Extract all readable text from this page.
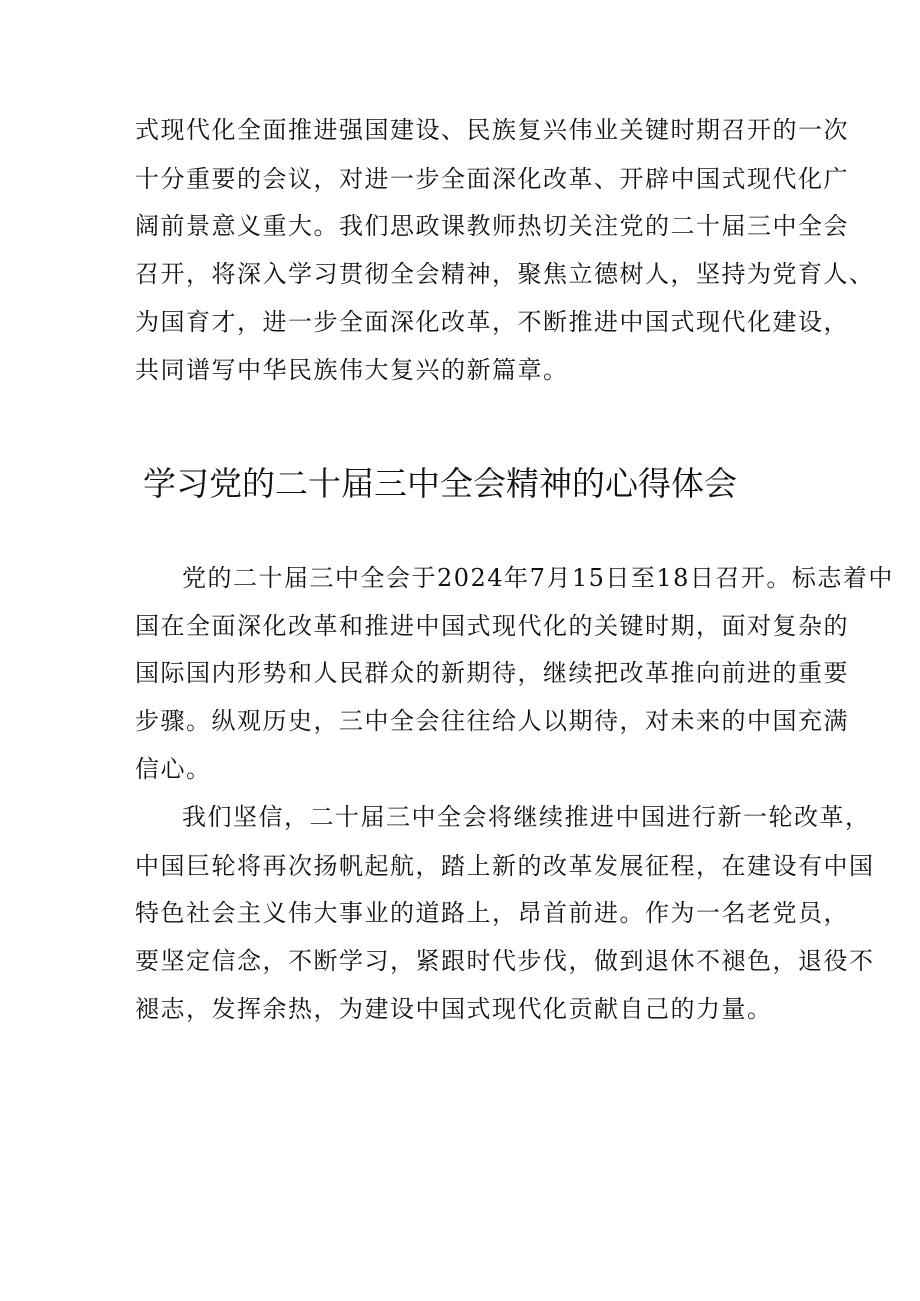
式现代化全面推进强国建设、民族复兴伟业关键时期召开的一次
十分重要的会议，对进一步全面深化改革、开辟中国式现代化广
阔前景意义重大。我们思政课教师热切关注党的二十届三中全会
召开，将深入学习贯彻全会精神，聚焦立德树人，坚持为党育人、
为国育才，进一步全面深化改革，不断推进中国式现代化建设，
共同谱写中华民族伟大复兴的新篇章。
学习党的二十届三中全会精神的心得体会
党的二十届三中全会于2024年7月15日至18日召开。标志着中
国在全面深化改革和推进中国式现代化的关键时期，面对复杂的
国际国内形势和人民群众的新期待，继续把改革推向前进的重要
步骤。纵观历史，三中全会往往给人以期待，对未来的中国充满
信心。
我们坚信，二十届三中全会将继续推进中国进行新一轮改革，
中国巨轮将再次扬帆起航，踏上新的改革发展征程，在建设有中国
特色社会主义伟大事业的道路上，昂首前进。作为一名老党员，
要坚定信念，不断学习，紧跟时代步伐，做到退休不褪色，退役不
褪志，发挥余热，为建设中国式现代化贡献自己的力量。
